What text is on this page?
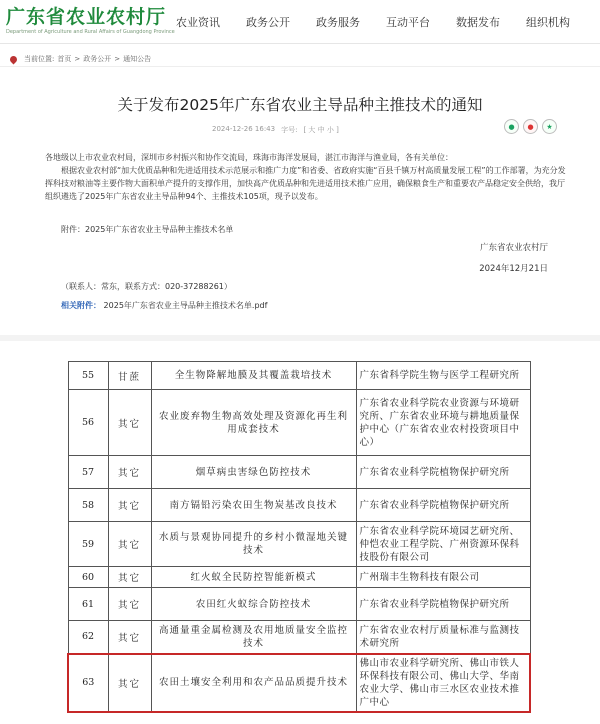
广东省农业农村厅
Department of Agriculture and Rural Affairs of Guangdong Province
农业资讯 政务公开 政务服务 互动平台 数据发布 组织机构
当前位置: 首页 > 政务公开 > 通知公告
关于发布2025年广东省农业主导品种主推技术的通知
2024-12-26 16:43 字号: [ 大 中 小 ]	●	●	★

各地级以上市农业农村局，深圳市乡村振兴和协作交流局，珠海市海洋发展局，湛江市海洋与渔业局，各有关单位：

根据农业农村部“加大优质品种和先进适用技术示范展示和推广力度”和省委、省政府实施“百县千镇万村高质量发展工程”的工作部署，为充分发挥科技对粮油等主要作物大面积单产提升的支撑作用，加快高产优质品种和先进适用技术推广应用，确保粮食生产和重要农产品稳定安全供给，我厅组织遴选了2025年广东省农业主导品种94个、主推技术105项，现予以发布。

附件：2025年广东省农业主导品种主推技术名单
广东省农业农村厅
2024年12月21日
（联系人：常东，联系方式：020-37288261）
相关附件： 2025年广东省农业主导品种主推技术名单.pdf
55	甘蔗	全生物降解地膜及其覆盖栽培技术	广东省科学院生物与医学工程研究所
56	其它	农业废弃物生物高效处理及资源化再生利用成套技术	广东省农业科学院农业资源与环境研究所、广东省农业环境与耕地质量保护中心（广东省农业农村投资项目中心）
57	其它	烟草病虫害绿色防控技术	广东省农业科学院植物保护研究所
58	其它	南方镉铅污染农田生物炭基改良技术	广东省农业科学院植物保护研究所
59	其它	水质与景观协同提升的乡村小微湿地关键技术	广东省农业科学院环境园艺研究所、仲恺农业工程学院、广州资源环保科技股份有限公司
60	其它	红火蚁全民防控智能新模式	广州瑞丰生物科技有限公司
61	其它	农田红火蚁综合防控技术	广东省农业科学院植物保护研究所
62	其它	高通量重金属检测及农用地质量安全监控技术	广东省农业农村厅质量标准与监测技术研究所
63	其它	农田土壤安全利用和农产品品质提升技术	佛山市农业科学研究所、佛山市铁人环保科技有限公司、佛山大学、华南农业大学、佛山市三水区农业技术推广中心
